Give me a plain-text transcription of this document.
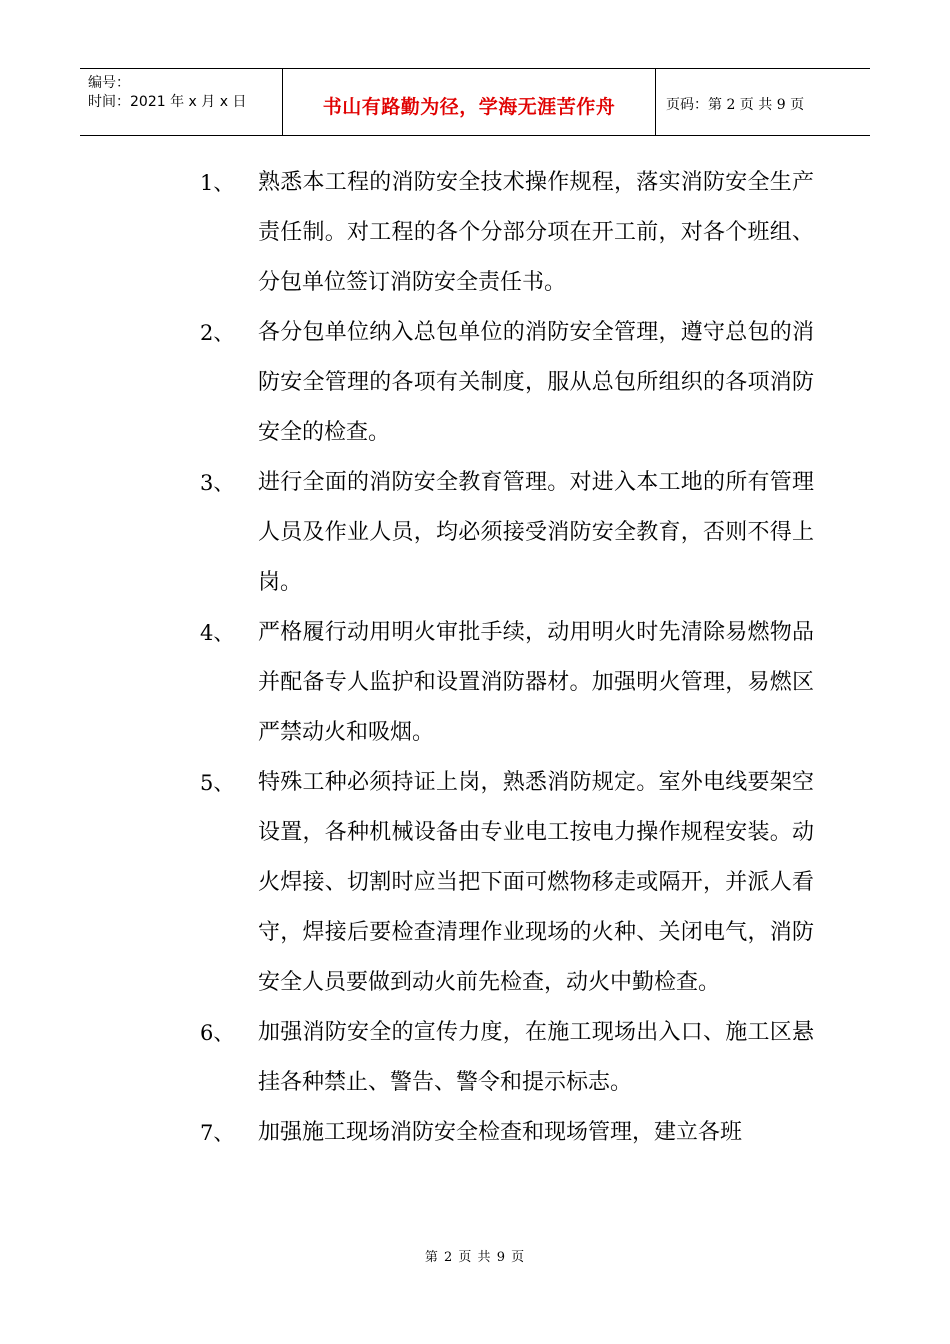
编号：
时间：2021 年 x 月 x 日	书山有路勤为径，学海无涯苦作舟	页码：第 2 页 共 9 页
1、	熟悉本工程的消防安全技术操作规程，落实消防安全生产责任制。对工程的各个分部分项在开工前，对各个班组、分包单位签订消防安全责任书。
2、	各分包单位纳入总包单位的消防安全管理，遵守总包的消防安全管理的各项有关制度，服从总包所组织的各项消防安全的检查。
3、	进行全面的消防安全教育管理。对进入本工地的所有管理人员及作业人员，均必须接受消防安全教育，否则不得上岗。
4、	严格履行动用明火审批手续，动用明火时先清除易燃物品并配备专人监护和设置消防器材。加强明火管理，易燃区严禁动火和吸烟。
5、	特殊工种必须持证上岗，熟悉消防规定。室外电线要架空设置，各种机械设备由专业电工按电力操作规程安装。动火焊接、切割时应当把下面可燃物移走或隔开，并派人看守，焊接后要检查清理作业现场的火种、关闭电气，消防安全人员要做到动火前先检查，动火中勤检查。
6、	加强消防安全的宣传力度，在施工现场出入口、施工区悬挂各种禁止、警告、警令和提示标志。
7、	加强施工现场消防安全检查和现场管理，建立各班
第 2 页 共 9 页
